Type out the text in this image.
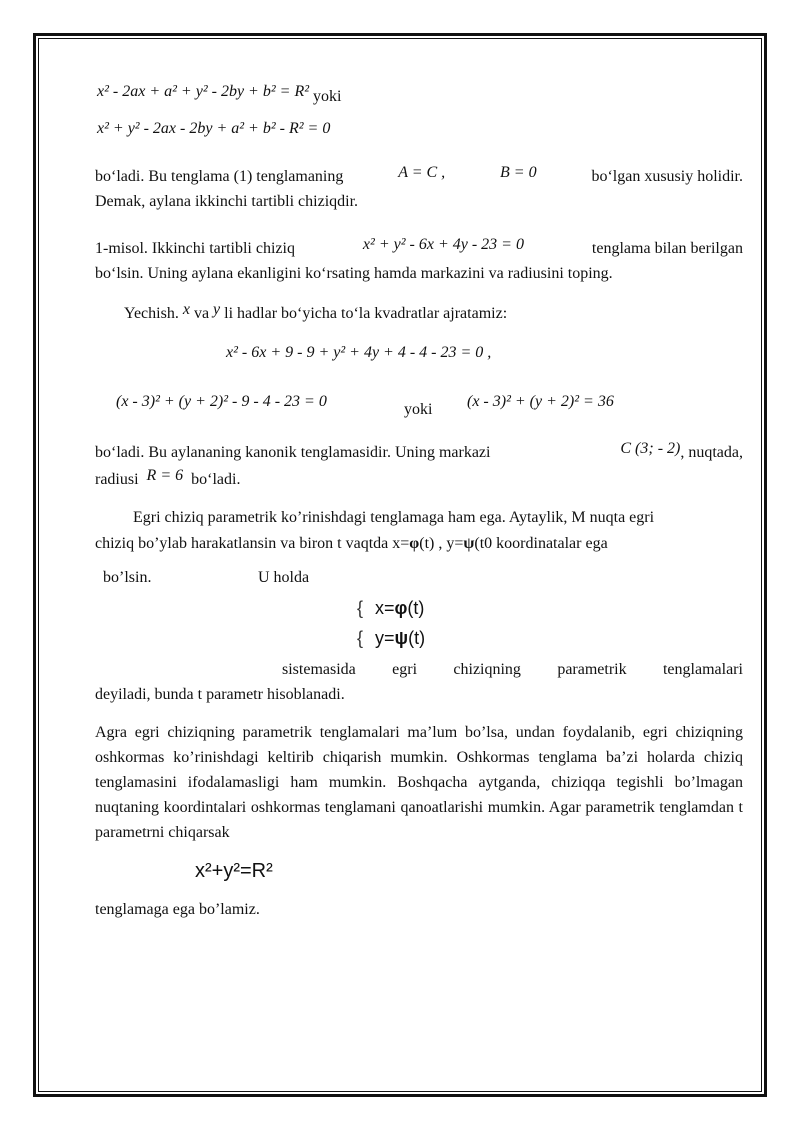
x² - 2ax + a² + y² - 2by + b² = R² yoki
x² + y² - 2ax - 2by + a² + b² - R² = 0
bo‘ladi. Bu tenglama (1) tenglamaning	A = C ,	B = 0	bo‘lgan xususiy holidir.
Demak, aylana ikkinchi tartibli chiziqdir.
1-misol. Ikkinchi tartibli chiziq	x² + y² - 6x + 4y - 23 = 0	tenglama bilan berilgan
bo‘lsin. Uning aylana ekanligini ko‘rsating hamda markazini va radiusini toping.
Yechish. x va y li hadlar bo‘yicha to‘la kvadratlar ajratamiz:
x² - 6x + 9 - 9 + y² + 4y + 4 - 4 - 23 = 0 ,
(x - 3)² + (y + 2)² - 9 - 4 - 23 = 0	yoki (x - 3)² + (y + 2)² = 36
bo‘ladi. Bu aylananing kanonik tenglamasidir. Uning markazi	C (3; - 2) , nuqtada,
radiusi R = 6 bo‘ladi.
Egri chiziq parametrik ko’rinishdagi tenglamaga ham ega. Aytaylik, M nuqta egri
chiziq bo’ylab harakatlansin va biron t vaqtda x=φ(t) , y=ψ(t0 koordinatalar ega
bo’lsin.	U holda
{ x=φ(t)
{ y=ψ(t)
sistemasida egri chiziqning parametrik tenglamalari
deyiladi, bunda t parametr hisoblanadi.
Agra egri chiziqning parametrik tenglamalari ma’lum bo’lsa, undan foydalanib, egri chiziqning oshkormas ko’rinishdagi keltirib chiqarish mumkin. Oshkormas tenglama ba’zi holarda chiziq tenglamasini ifodalamasligi ham mumkin. Boshqacha aytganda, chiziqqa tegishli bo’lmagan nuqtaning koordintalari oshkormas tenglamani qanoatlarishi mumkin. Agar parametrik tenglamdan t parametrni chiqarsak
x²+y²=R²
tenglamaga ega bo’lamiz.
